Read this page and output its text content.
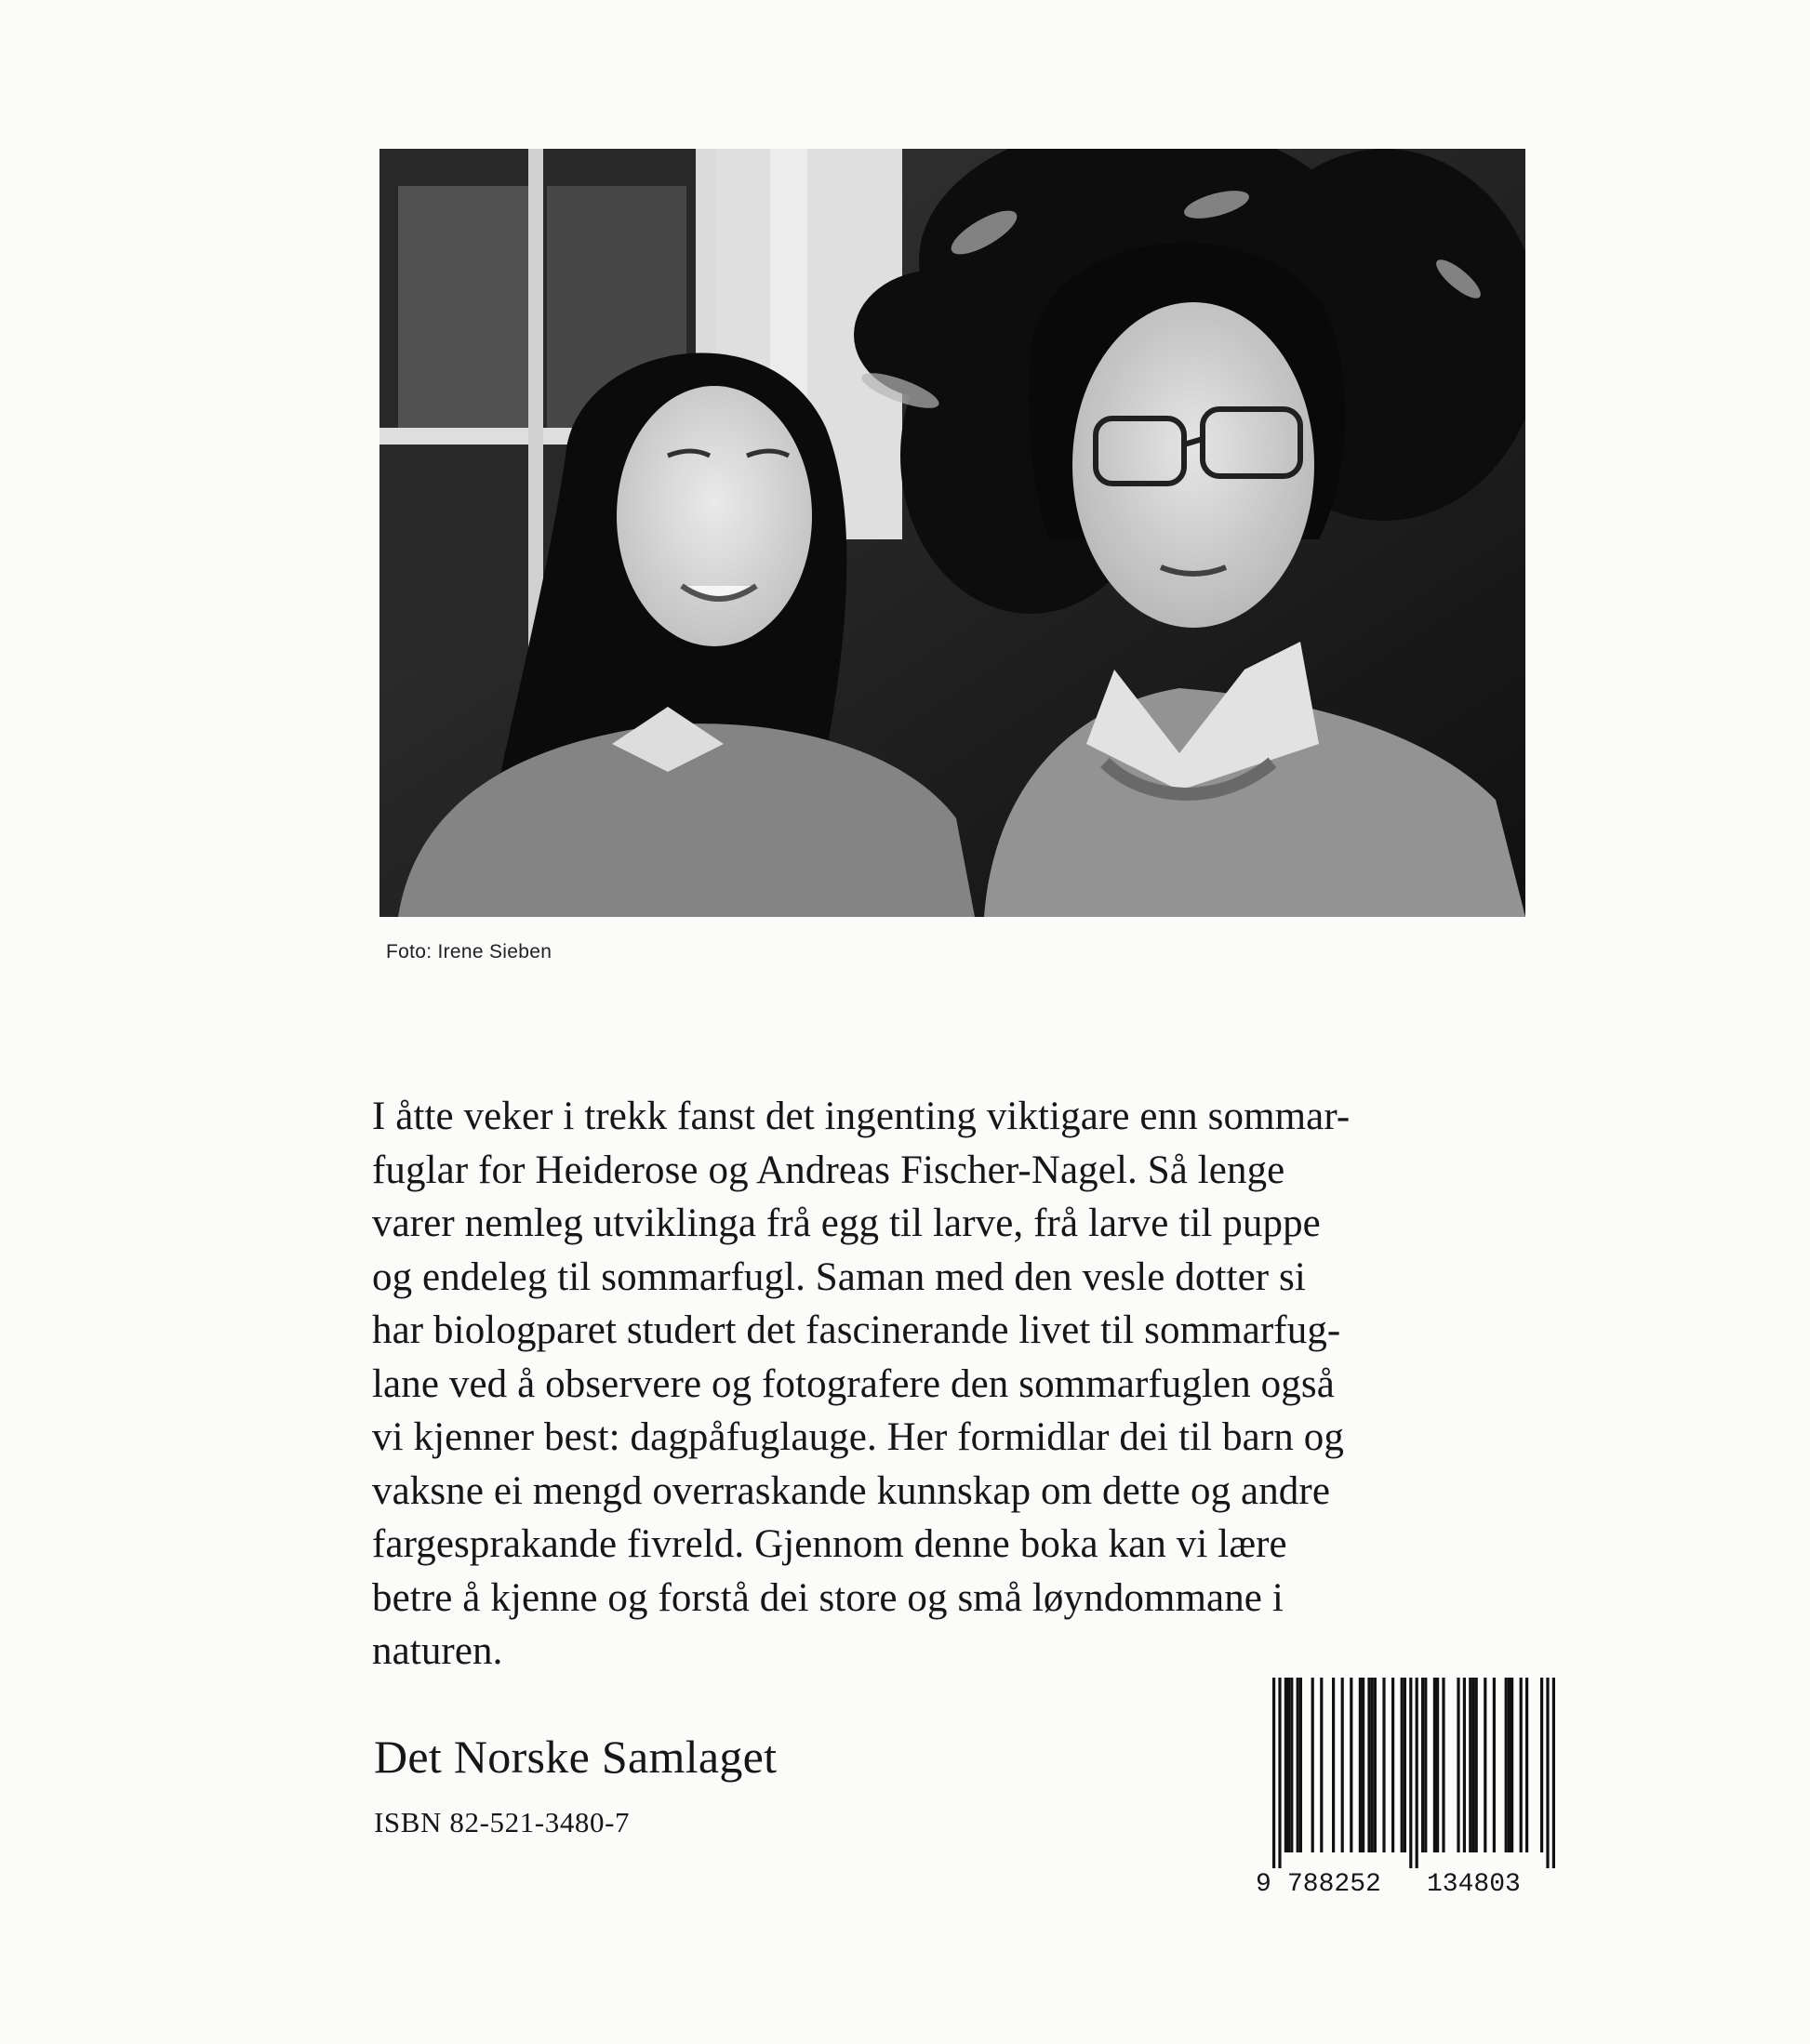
Foto: Irene Sieben
I åtte veker i trekk fanst det ingenting viktigare enn sommar-
fuglar for Heiderose og Andreas Fischer-Nagel. Så lenge
varer nemleg utviklinga frå egg til larve, frå larve til puppe
og endeleg til sommarfugl. Saman med den vesle dotter si
har biologparet studert det fascinerande livet til sommarfug-
lane ved å observere og fotografere den sommarfuglen også
vi kjenner best: dagpåfuglauge. Her formidlar dei til barn og
vaksne ei mengd overraskande kunnskap om dette og andre
fargesprakande fivreld. Gjennom denne boka kan vi lære
betre å kjenne og forstå dei store og små løyndommane i
naturen.
Det Norske Samlaget
ISBN 82-521-3480-7
9 788252 134803
